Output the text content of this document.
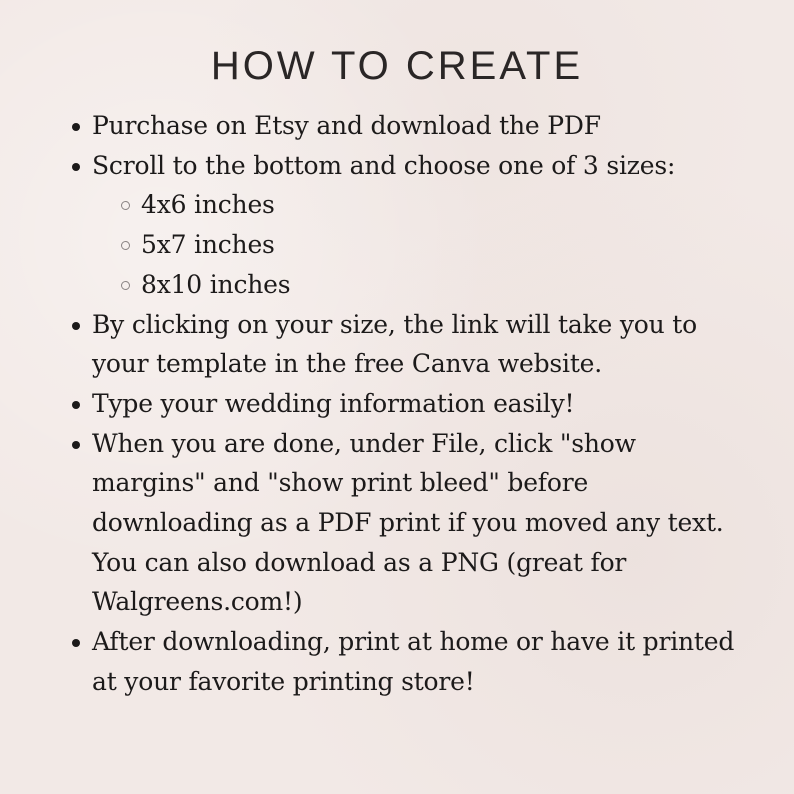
HOW TO CREATE
Purchase on Etsy and download the PDF
Scroll to the bottom and choose one of 3 sizes:
4x6 inches
5x7 inches
8x10 inches
By clicking on your size, the link will take you to
your template in the free Canva website.
Type your wedding information easily!
When you are done, under File, click "show
margins" and "show print bleed" before
downloading as a PDF print if you moved any text.
You can also download as a PNG (great for
Walgreens.com!)
After downloading, print at home or have it printed
at your favorite printing store!
